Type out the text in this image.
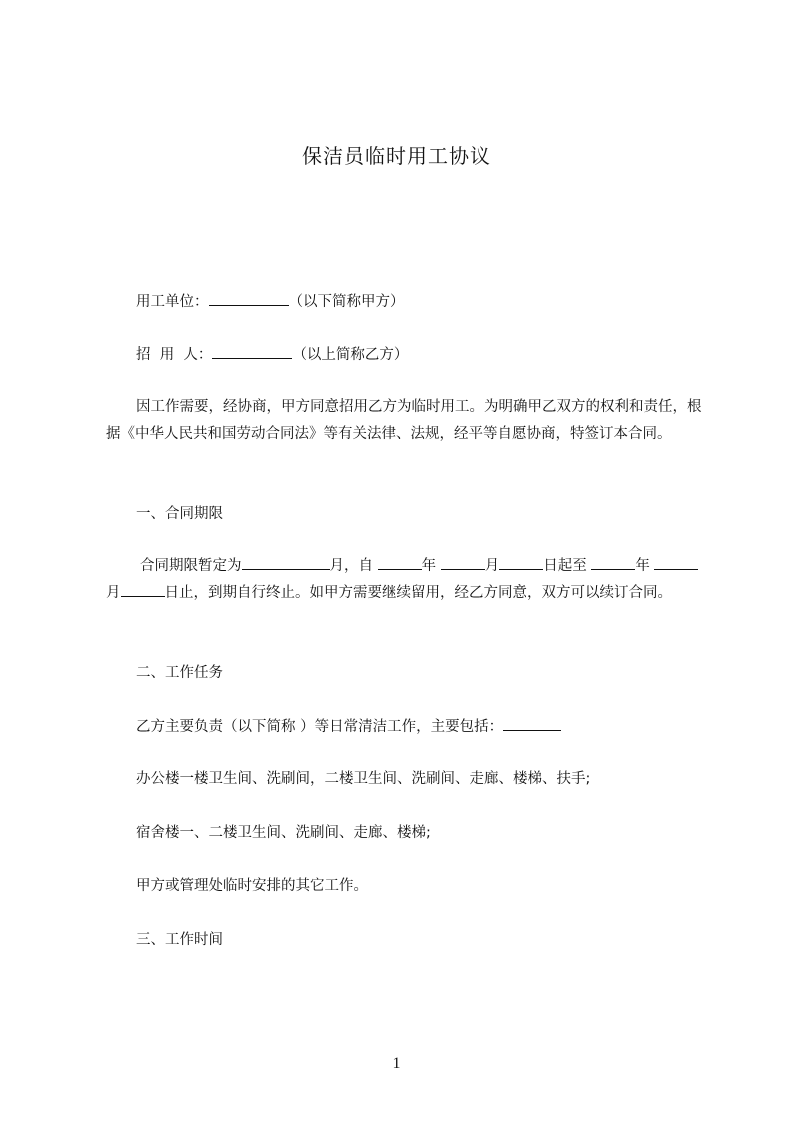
保洁员临时用工协议

用工单位：	（以下简称甲方）

招  用  人：	（以上简称乙方）

因工作需要，经协商，甲方同意招用乙方为临时用工。为明确甲乙双方的权利和责任，根据《中华人民共和国劳动合同法》等有关法律、法规，经平等自愿协商，特签订本合同。

一、合同期限

合同期限暂定为	月，自	年	月	日起至	年 月	日止，到期自行终止。如甲方需要继续留用，经乙方同意，双方可以续订合同。

二、工作任务

乙方主要负责（以下简称 ）等日常清洁工作，主要包括：

办公楼一楼卫生间、洗刷间，二楼卫生间、洗刷间、走廊、楼梯、扶手;

宿舍楼一、二楼卫生间、洗刷间、走廊、楼梯;

甲方或管理处临时安排的其它工作。

三、工作时间

1
